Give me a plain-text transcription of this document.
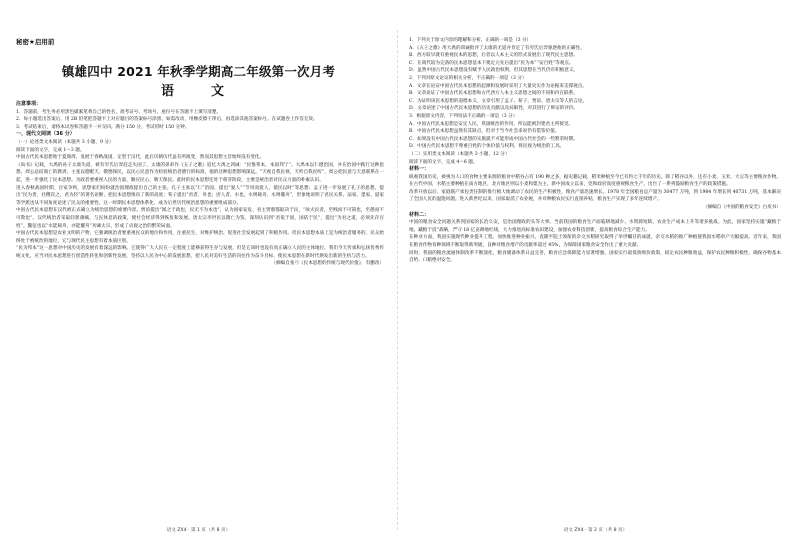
秘密★启用前
镇雄四中 2021 年秋季学期高二年级第一次月考
语　文

注意事项：

1．答题前，考生务必用黑色碳素笔将自己的姓名、准考证号、考场号、座位号在答题卡上填写清楚。

2．每小题选出答案后，用 2B 铅笔把答题卡上对应题目的答案标号涂黑。如需改动，用橡皮擦干净后，再选涂其他答案标号。在试题卷上作答无效。

3．考试结束后，请将本试卷和答题卡一并交回。满分 150 分，考试用时 150 分钟。

一、现代文阅读（36 分）

（一）论述类文本阅读（本题共 3 小题，9 分）

阅读下面的文字，完成 1～3 题。

中国古代民本思想始于夏商周，发展于春秋战国，定型于汉代，此后历朝历代虽有所演变，然而其思想主旨始终没有变化。

《尚书》记载，大禹的孙子太康失道，被有穷氏后羿赶走失国了。太康的弟弟作《五子之歌》追忆大禹之训诫：“民惟邦本，本固邦宁”。大禹本以仁德治国，并在治国中践行这种思想。周公总结商亡的教训，主张以德配天、敬德保民，以民心民意作为检验统治者德行的标准，他的这种思想影响深远。“天视自我民视，天听自我民听”，周公把民意与天意联系在一起，进一步强化了民本思想。为政者要重视人民的力量，顺应民心，敬天保民。此时的民本思想还处于萌芽阶段，主要是统治者对民众力量的朴素认识。

进入春秋战国时期，百家争鸣，思想家们纷纷就治国理政提出自己的主张。孔子主张以“仁”治国，提出“爱人”“节用而爱人，使民以时”等思想；孟子进一步发展了孔子的思想，提出“民为贵，社稷次之，君为轻”的著名论断，把民本思想推向了新的高度；荀子提出“君者，舟也；庶人者，水也。水则载舟，水则覆舟”，形象地说明了君民关系。法家、墨家、道家等学派也从不同角度论述了民众的重要性。这一时期民本思想体系化，成为后世历代统治思想的重要组成部分。

中国古代民本思想在汉代被正式确立为统治思想的重要内容。贾谊提出“闻之于政也，民无不为本也”，认为国家安危、君主贤愚都取决于民，“故夫民者，至贱而不可简也，至愚而不可欺也”。汉代统治者采取轻徭薄赋、与民休息的政策，使社会经济得到恢复和发展。唐太宗李世民以隋亡为鉴，深刻认识到“君依于国，国依于民”，提出“为君之道，必须先存百姓”。魏征也以“水能载舟，亦能覆舟”劝谏太宗，形成了贞观之治的繁荣局面。

中国古代民本思想是农业文明的产物，它强调统治者要重视民众的地位和作用，注重民生，对维护统治、促进社会发展起到了积极作用。但民本思想本质上是为统治者服务的，民众始终处于被统治的地位，它与现代民主思想有着本质区别。

“民为邦本”这一思想对中国历史的发展有着深远的影响。它使得广大人民在一定程度上能够获得生存与发展，但是它同时也没有真正确立人民的主体地位。我们今天传承和弘扬优秀传统文化，应当对民本思想进行创造性转化和创新性发展，坚持以人民为中心的发展思想，把人民对美好生活的向往作为奋斗目标，使民本思想在新时代焕发出新的生机与活力。

（摘编自张弓《民本思想的传统与现代价值》，有删改）

语文 ZX4 · 第 1 页（共 8 页）

1．下列关于原文内容的理解和分析，正确的一项是（3 分）

A．《五子之歌》用大禹的训诫批评了太康的无道并肯定了有穷氏后羿驱逐他的正确性。

B．西方较早就有重视民本的思想，后者以人本主义的形式发展出了现代民主思想。

C．在商代较为完备的民本思想基本下奠定元先后提出“民为本”“安百姓”等观点。

D．虽然中国古代民本思想没有赋予人民政治权利，但其思想在当代仍有积极意义。

2．下列对原文论证的相关分析，不正确的一项是（3 分）

A．文章在论证中国古代民本思想的起源和发展时采用了大量史实作为论据来支撑观点。

B．文章论证了中国古代民本思想和古代西方人本主义思想之间的不同和内在联系。

C．为证明该民本思想的道德本义，文章引用了孟子、荀子、贾谊、唐太宗等人的言论。

D．文章论述了中国古代民本思想的历史贡献以及局限性，对其进行了辩证的评价。

3．根据原文内容，下列说法不正确的一项是（3 分）

A．中国古代民本思想是安定人民，巩固统治的作用，所以能被封建君主所接受。

B．中国古代民本思想虽然有其缺点，但对于当今社会来说仍有借鉴价值。

C．如果没有中国古代民本思想的实施就不可能形成中国古代社会的一些繁荣时期。

D．中国古代民本思想不尊重百姓的个体价值与权利，将民视为统治的工具。

（二）实用类文本阅读（本题共 3 小题，12 分）

阅读下面的文字，完成 4～6 题。

材料一：

纵观我国历史，被视为人口的食物主要来源的粮食中稻谷占有 190 种之多，据史籍记载，稻米种植至今已有约七千年的历史。除了稻谷以外，还有小麦、玉米、大豆等主要粮食作物。在古代中国，水稻主要种植在南方地区，北方地区则以小麦和粟为主。新中国成立以来，党和政府高度重视粮食生产，出台了一系列鼓励粮食生产的政策措施。

改革开放以后，家庭联产承包责任制的推行极大地调动了农民的生产积极性，粮食产量迅速增长。1978 年全国粮食总产量为 30477 万吨，到 1984 年增长到 40731 万吨，基本解决了全国人民的温饱问题。进入新世纪以来，国家取消了农业税，并对种粮农民实行直接补贴，粮食生产实现了多年连续增产。

（摘编自《中国的粮食安全》白皮书）

材料二：

中国的粮食安全问题关系到国家的长治久安，是治国理政的头等大事。当前我国的粮食生产面临耕地减少、水资源短缺、农业生产成本上升等诸多挑战。为此，国家坚持实施“藏粮于地、藏粮于技”战略，严守 18 亿亩耕地红线，大力推进高标准农田建设，加强农业科技创新，提高粮食综合生产能力。

在种业方面，我国实施现代种业提升工程，加快推进种业振兴。袁隆平院士领衔的杂交水稻研究取得了举世瞩目的成就，杂交水稻的推广种植使我国水稻单产大幅提高。近年来，我国在粮食作物育种领域不断取得新突破，良种对粮食增产的贡献率超过 45%，为保障国家粮食安全作出了重大贡献。

同时，我国的粮食流通体制改革不断深化，粮食储备体系日益完善，粮食应急保障能力显著增强。国家实行最低收购价政策，稳定农民种粮收益，保护农民种粮积极性，确保谷物基本自给、口粮绝对安全。

语文 ZX4 · 第 2 页（共 8 页）
